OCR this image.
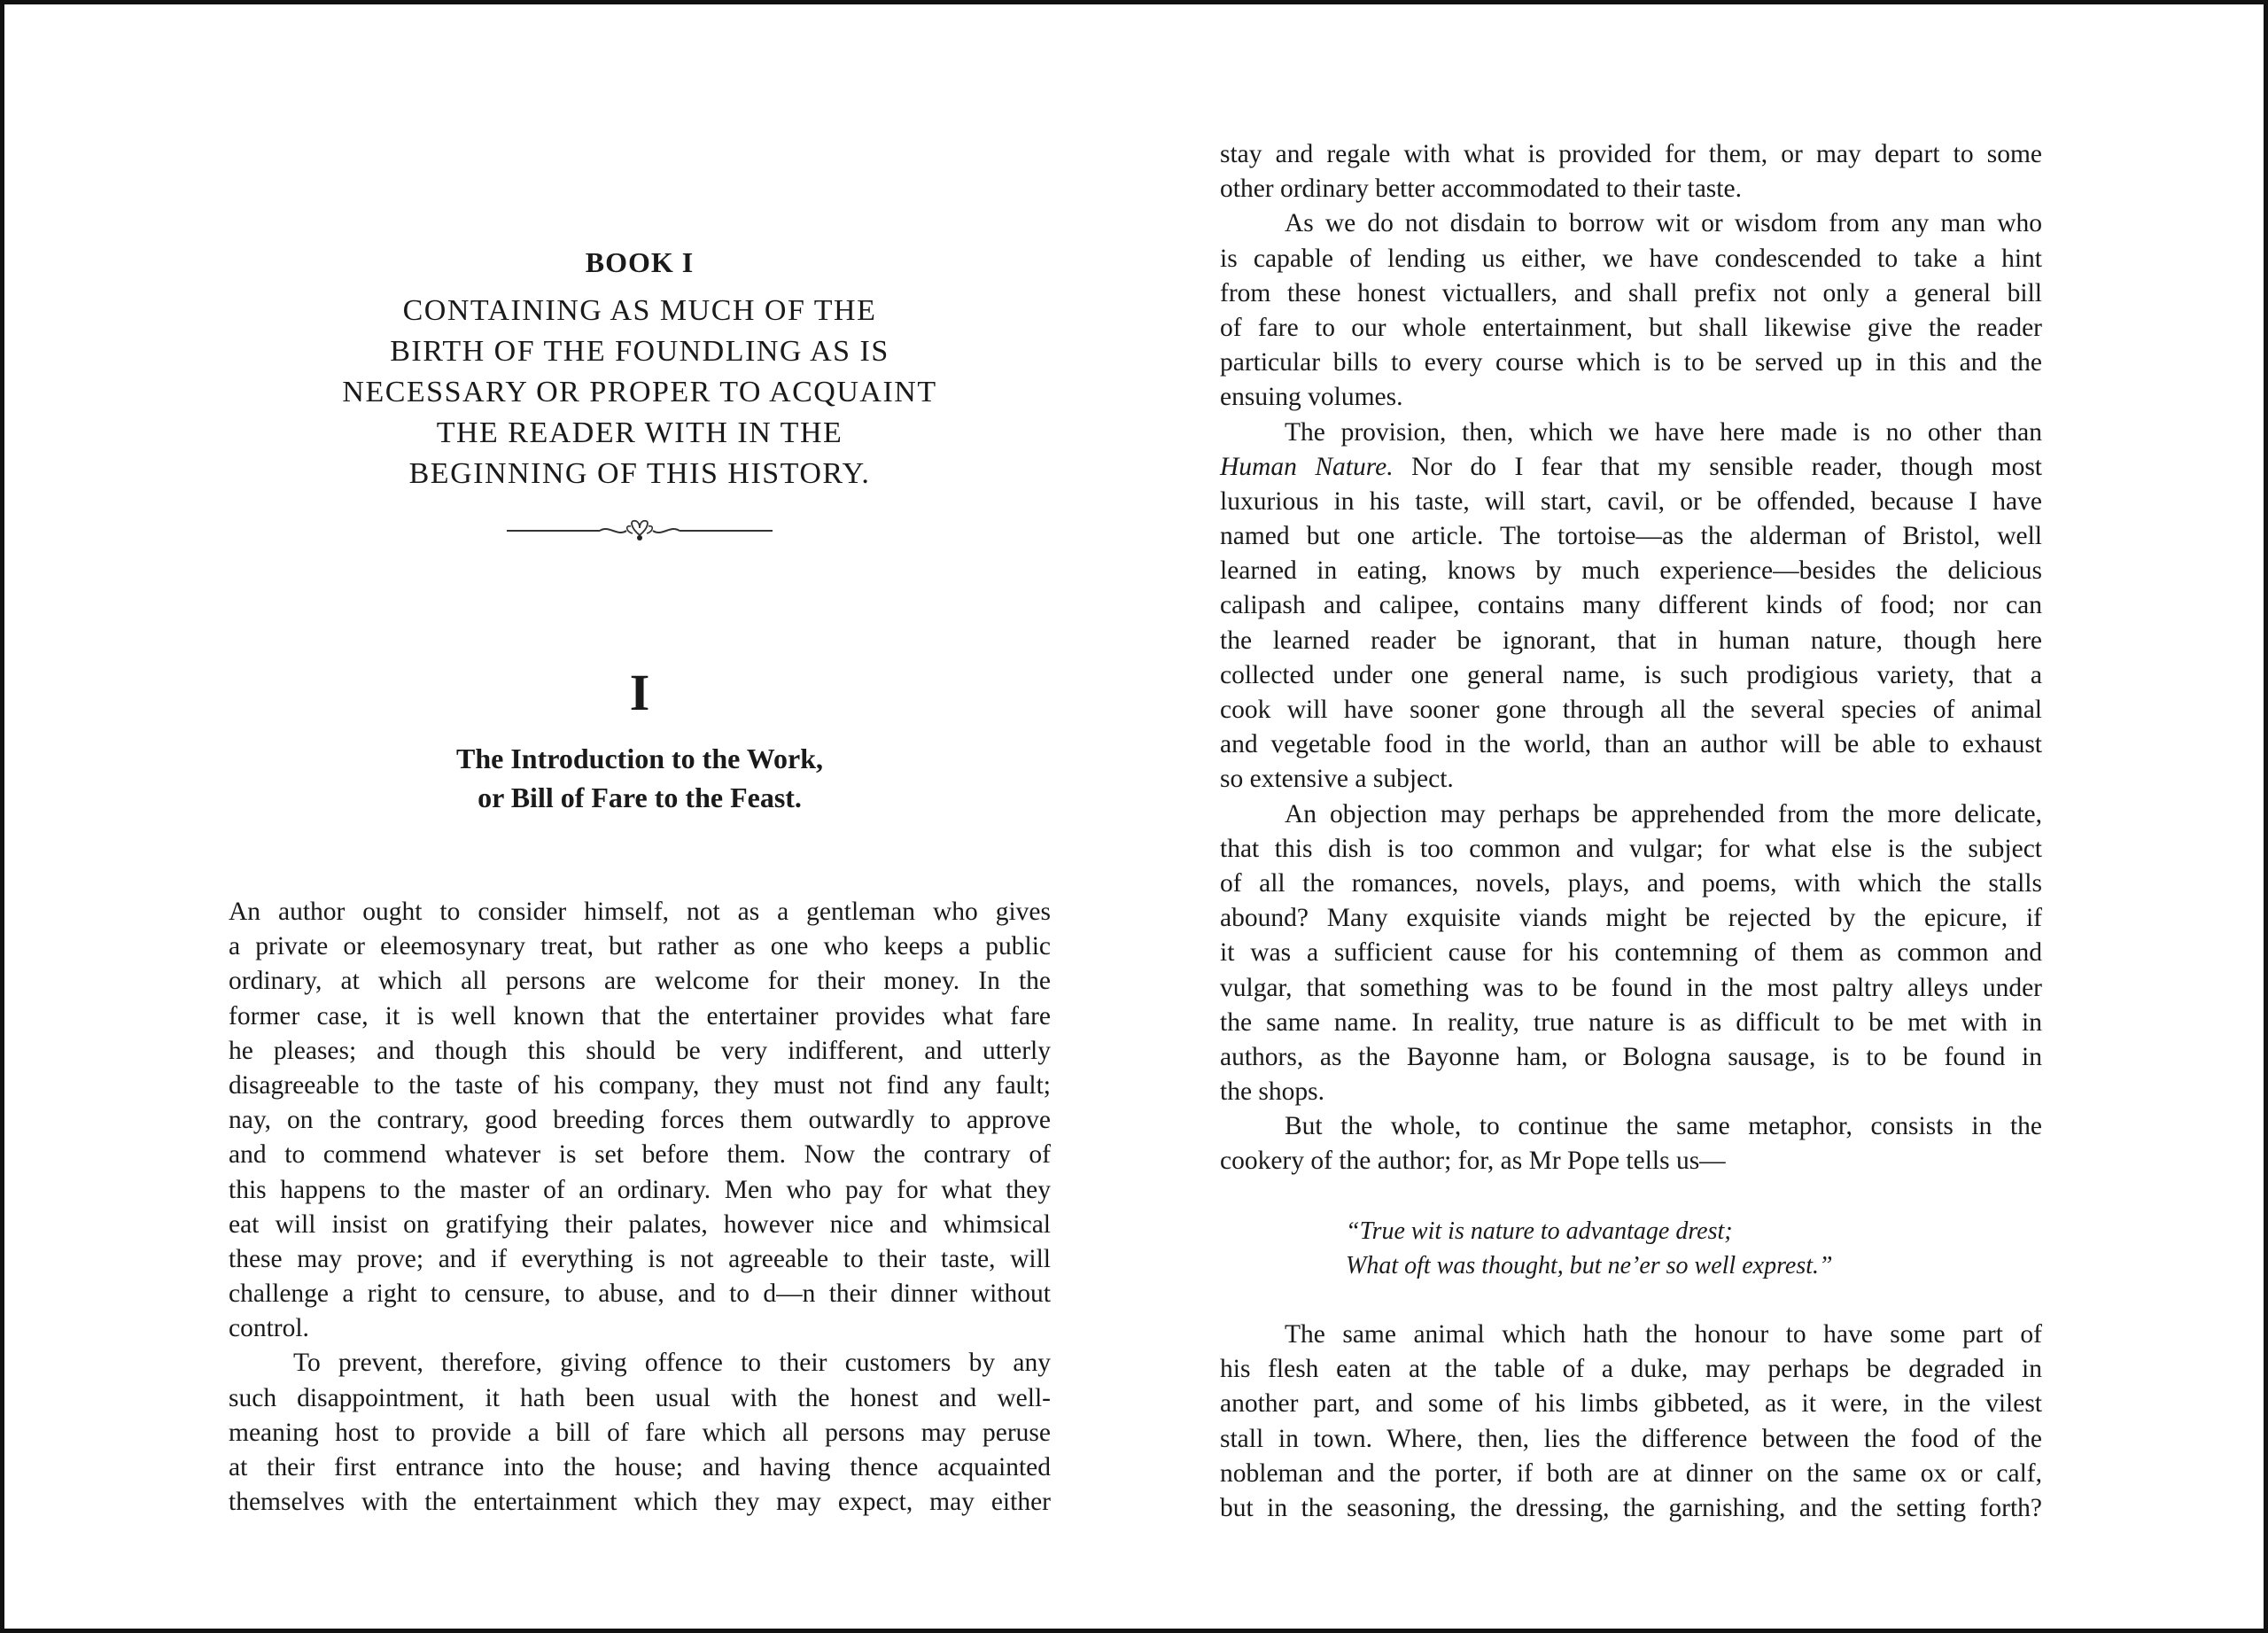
BOOK I
CONTAINING AS MUCH OF THE
BIRTH OF THE FOUNDLING AS IS
NECESSARY OR PROPER TO ACQUAINT
THE READER WITH IN THE
BEGINNING OF THIS HISTORY.
I
The Introduction to the Work,
or Bill of Fare to the Feast.
An author ought to consider himself, not as a gentleman who gives
a private or eleemosynary treat, but rather as one who keeps a public
ordinary, at which all persons are welcome for their money. In the
former case, it is well known that the entertainer provides what fare
he pleases; and though this should be very indifferent, and utterly
disagreeable to the taste of his company, they must not find any fault;
nay, on the contrary, good breeding forces them outwardly to approve
and to commend whatever is set before them. Now the contrary of
this happens to the master of an ordinary. Men who pay for what they
eat will insist on gratifying their palates, however nice and whimsical
these may prove; and if everything is not agreeable to their taste, will
challenge a right to censure, to abuse, and to d—n their dinner without
control.
To prevent, therefore, giving offence to their customers by any
such disappointment, it hath been usual with the honest and well-
meaning host to provide a bill of fare which all persons may peruse
at their first entrance into the house; and having thence acquainted
themselves with the entertainment which they may expect, may either
stay and regale with what is provided for them, or may depart to some
other ordinary better accommodated to their taste.
As we do not disdain to borrow wit or wisdom from any man who
is capable of lending us either, we have condescended to take a hint
from these honest victuallers, and shall prefix not only a general bill
of fare to our whole entertainment, but shall likewise give the reader
particular bills to every course which is to be served up in this and the
ensuing volumes.
The provision, then, which we have here made is no other than
Human Nature. Nor do I fear that my sensible reader, though most
luxurious in his taste, will start, cavil, or be offended, because I have
named but one article. The tortoise—as the alderman of Bristol, well
learned in eating, knows by much experience—besides the delicious
calipash and calipee, contains many different kinds of food; nor can
the learned reader be ignorant, that in human nature, though here
collected under one general name, is such prodigious variety, that a
cook will have sooner gone through all the several species of animal
and vegetable food in the world, than an author will be able to exhaust
so extensive a subject.
An objection may perhaps be apprehended from the more delicate,
that this dish is too common and vulgar; for what else is the subject
of all the romances, novels, plays, and poems, with which the stalls
abound? Many exquisite viands might be rejected by the epicure, if
it was a sufficient cause for his contemning of them as common and
vulgar, that something was to be found in the most paltry alleys under
the same name. In reality, true nature is as difficult to be met with in
authors, as the Bayonne ham, or Bologna sausage, is to be found in
the shops.
But the whole, to continue the same metaphor, consists in the
cookery of the author; for, as Mr Pope tells us—
“True wit is nature to advantage drest;
What oft was thought, but ne’er so well exprest.”
The same animal which hath the honour to have some part of
his flesh eaten at the table of a duke, may perhaps be degraded in
another part, and some of his limbs gibbeted, as it were, in the vilest
stall in town. Where, then, lies the difference between the food of the
nobleman and the porter, if both are at dinner on the same ox or calf,
but in the seasoning, the dressing, the garnishing, and the setting forth?
